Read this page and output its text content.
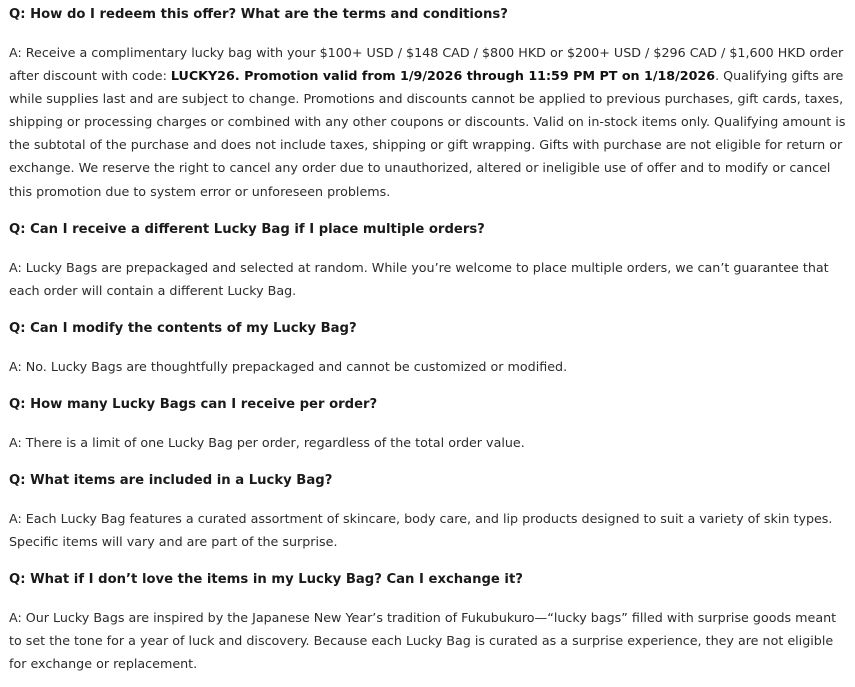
Q: How do I redeem this offer? What are the terms and conditions?

A: Receive a complimentary lucky bag with your $100+ USD / $148 CAD / $800 HKD or $200+ USD / $296 CAD / $1,600 HKD order after discount with code: LUCKY26. Promotion valid from 1/9/2026 through 11:59 PM PT on 1/18/2026. Qualifying gifts are while supplies last and are subject to change. Promotions and discounts cannot be applied to previous purchases, gift cards, taxes, shipping or processing charges or combined with any other coupons or discounts. Valid on in-stock items only. Qualifying amount is the subtotal of the purchase and does not include taxes, shipping or gift wrapping. Gifts with purchase are not eligible for return or exchange. We reserve the right to cancel any order due to unauthorized, altered or ineligible use of offer and to modify or cancel this promotion due to system error or unforeseen problems.

Q: Can I receive a different Lucky Bag if I place multiple orders?

A: Lucky Bags are prepackaged and selected at random. While you’re welcome to place multiple orders, we can’t guarantee that each order will contain a different Lucky Bag.

Q: Can I modify the contents of my Lucky Bag?

A: No. Lucky Bags are thoughtfully prepackaged and cannot be customized or modified.

Q: How many Lucky Bags can I receive per order?

A: There is a limit of one Lucky Bag per order, regardless of the total order value.

Q: What items are included in a Lucky Bag?

A: Each Lucky Bag features a curated assortment of skincare, body care, and lip products designed to suit a variety of skin types. Specific items will vary and are part of the surprise.

Q: What if I don’t love the items in my Lucky Bag? Can I exchange it?

A: Our Lucky Bags are inspired by the Japanese New Year’s tradition of Fukubukuro—“lucky bags” filled with surprise goods meant to set the tone for a year of luck and discovery. Because each Lucky Bag is curated as a surprise experience, they are not eligible for exchange or replacement.
